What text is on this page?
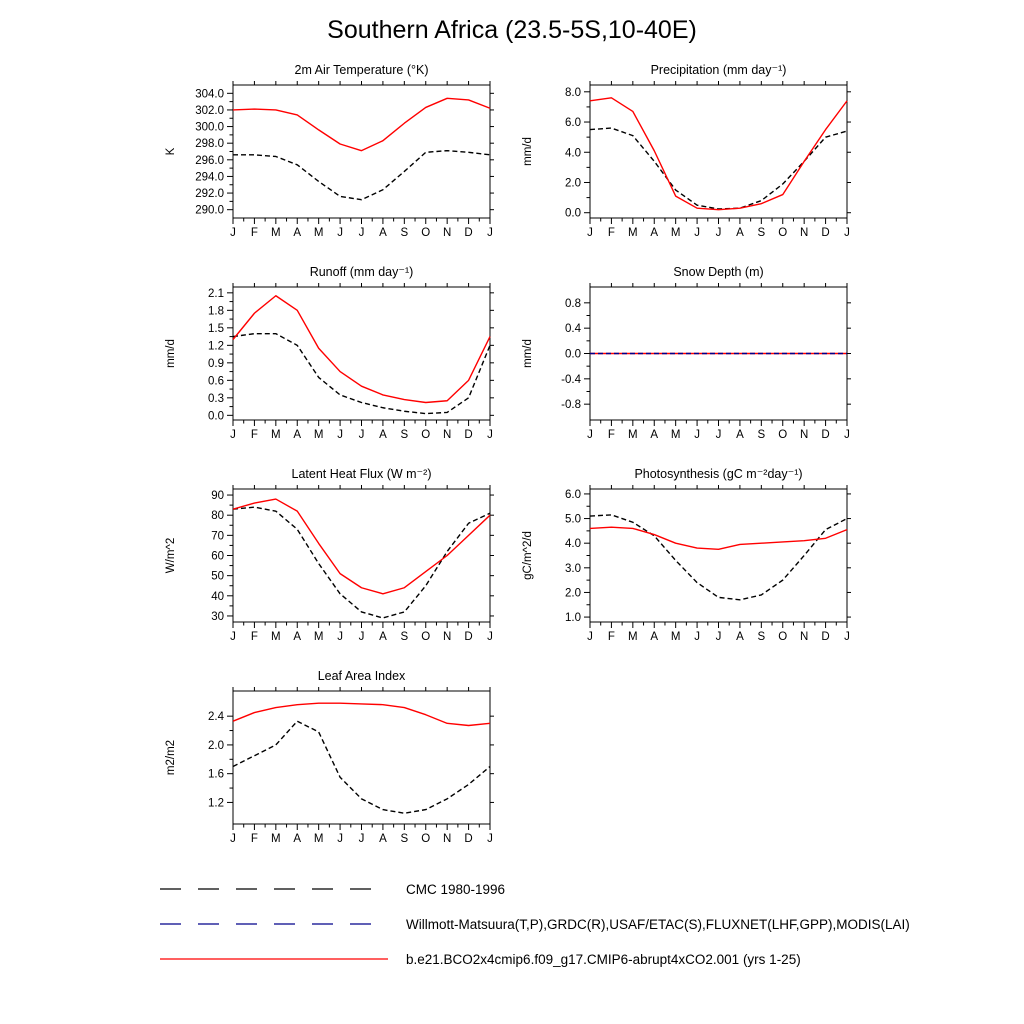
Southern Africa (23.5-5S,10-40E)
2m Air Temperature (°K)
J F M A M J J A S O N D J
290.0
292.0
294.0
296.0
298.0
300.0
302.0
304.0
K
Precipitation (mm day⁻¹)
J F M A M J J A S O N D J
0.0
2.0
4.0
6.0
8.0
mm/d
Runoff (mm day⁻¹)
J F M A M J J A S O N D J
0.0
0.3
0.6
0.9
1.2
1.5
1.8
2.1
mm/d
Snow Depth (m)
J F M A M J J A S O N D J
-0.8
-0.4
0.0
0.4
0.8
mm/d
Latent Heat Flux (W m⁻²)
J F M A M J J A S O N D J
30
40
50
60
70
80
90
W/m^2
Photosynthesis (gC m⁻²day⁻¹)
J F M A M J J A S O N D J
1.0
2.0
3.0
4.0
5.0
6.0
gC/m^2/d
Leaf Area Index
J F M A M J J A S O N D J
1.2
1.6
2.0
2.4
m2/m2
CMC 1980-1996
Willmott-Matsuura(T,P),GRDC(R),USAF/ETAC(S),FLUXNET(LHF,GPP),MODIS(LAI)
b.e21.BCO2x4cmip6.f09_g17.CMIP6-abrupt4xCO2.001 (yrs 1-25)
